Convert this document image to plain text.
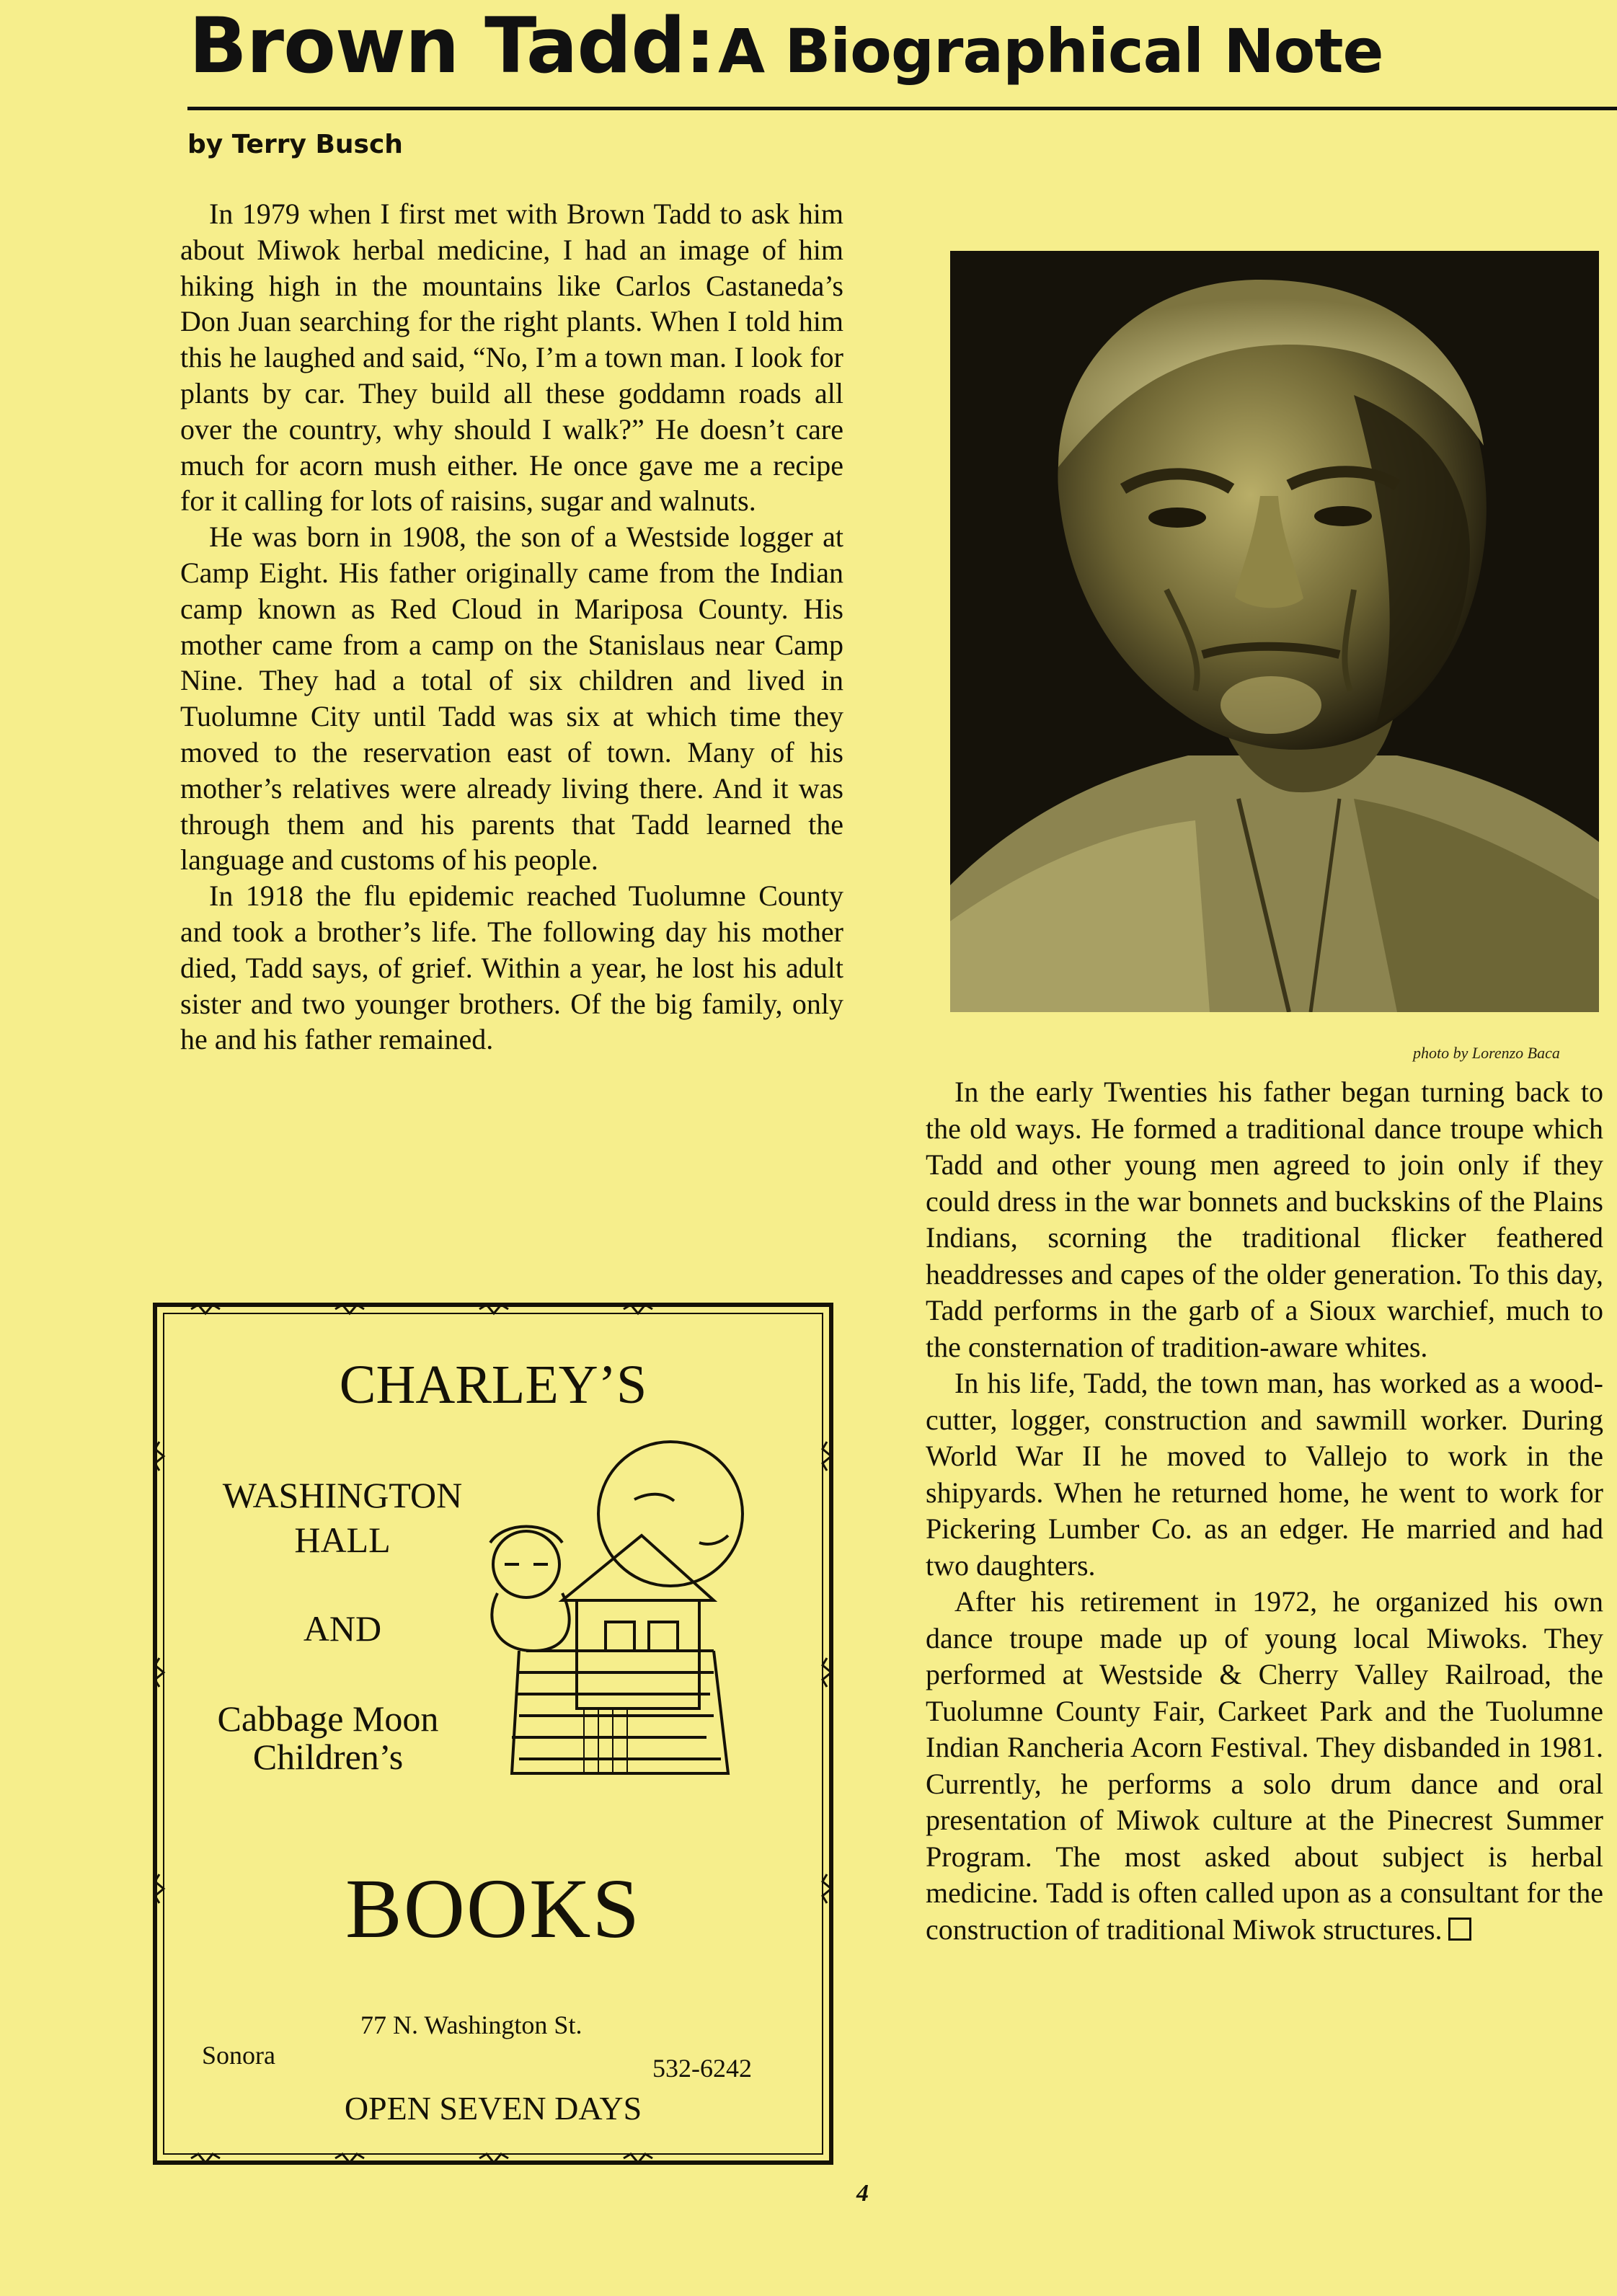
Brown Tadd: A Biographical Note
by Terry Busch

In 1979 when I first met with Brown Tadd to ask him about Miwok herbal medicine, I had an image of him hiking high in the mountains like Carlos Castaneda’s Don Juan searching for the right plants. When I told him this he laughed and said, “No, I’m a town man. I look for plants by car. They build all these goddamn roads all over the country, why should I walk?” He doesn’t care much for acorn mush either. He once gave me a recipe for it calling for lots of raisins, sugar and walnuts.

He was born in 1908, the son of a Westside logger at Camp Eight. His father originally came from the Indian camp known as Red Cloud in Mariposa County. His mother came from a camp on the Stanislaus near Camp Nine. They had a total of six children and lived in Tuolumne City until Tadd was six at which time they moved to the reservation east of town. Many of his mother’s relatives were already living there. And it was through them and his parents that Tadd learned the language and customs of his people.

In 1918 the flu epidemic reached Tuolumne County and took a brother’s life. The following day his mother died, Tadd says, of grief. Within a year, he lost his adult sister and two younger brothers. Of the big family, only he and his father remained.	photo by Lorenzo Baca

In the early Twenties his father began turning back to the old ways. He formed a traditional dance troupe which Tadd and other young men agreed to join only if they could dress in the war bonnets and buckskins of the Plains Indians, scorning the traditional flicker feathered headdresses and capes of the older generation. To this day, Tadd performs in the garb of a Sioux warchief, much to the consternation of tradition-aware whites.

In his life, Tadd, the town man, has worked as a wood-cutter, logger, construction and sawmill worker. During World War II he moved to Vallejo to work in the shipyards. When he returned home, he went to work for Pickering Lumber Co. as an edger. He married and had two daughters.

After his retirement in 1972, he organized his own dance troupe made up of young local Miwoks. They performed at Westside & Cherry Valley Railroad, the Tuolumne County Fair, Carkeet Park and the Tuolumne Indian Rancheria Acorn Festival. They disbanded in 1981. Currently, he performs a solo drum dance and oral presentation of Miwok culture at the Pinecrest Summer Program. The most asked about subject is herbal medicine. Tadd is often called upon as a consultant for the construction of traditional Miwok structures.

CHARLEY’S
WASHINGTON
HALL
AND
Cabbage Moon
Children’s
BOOKS
77 N. Washington St.
Sonora	532-6242
OPEN SEVEN DAYS
4
